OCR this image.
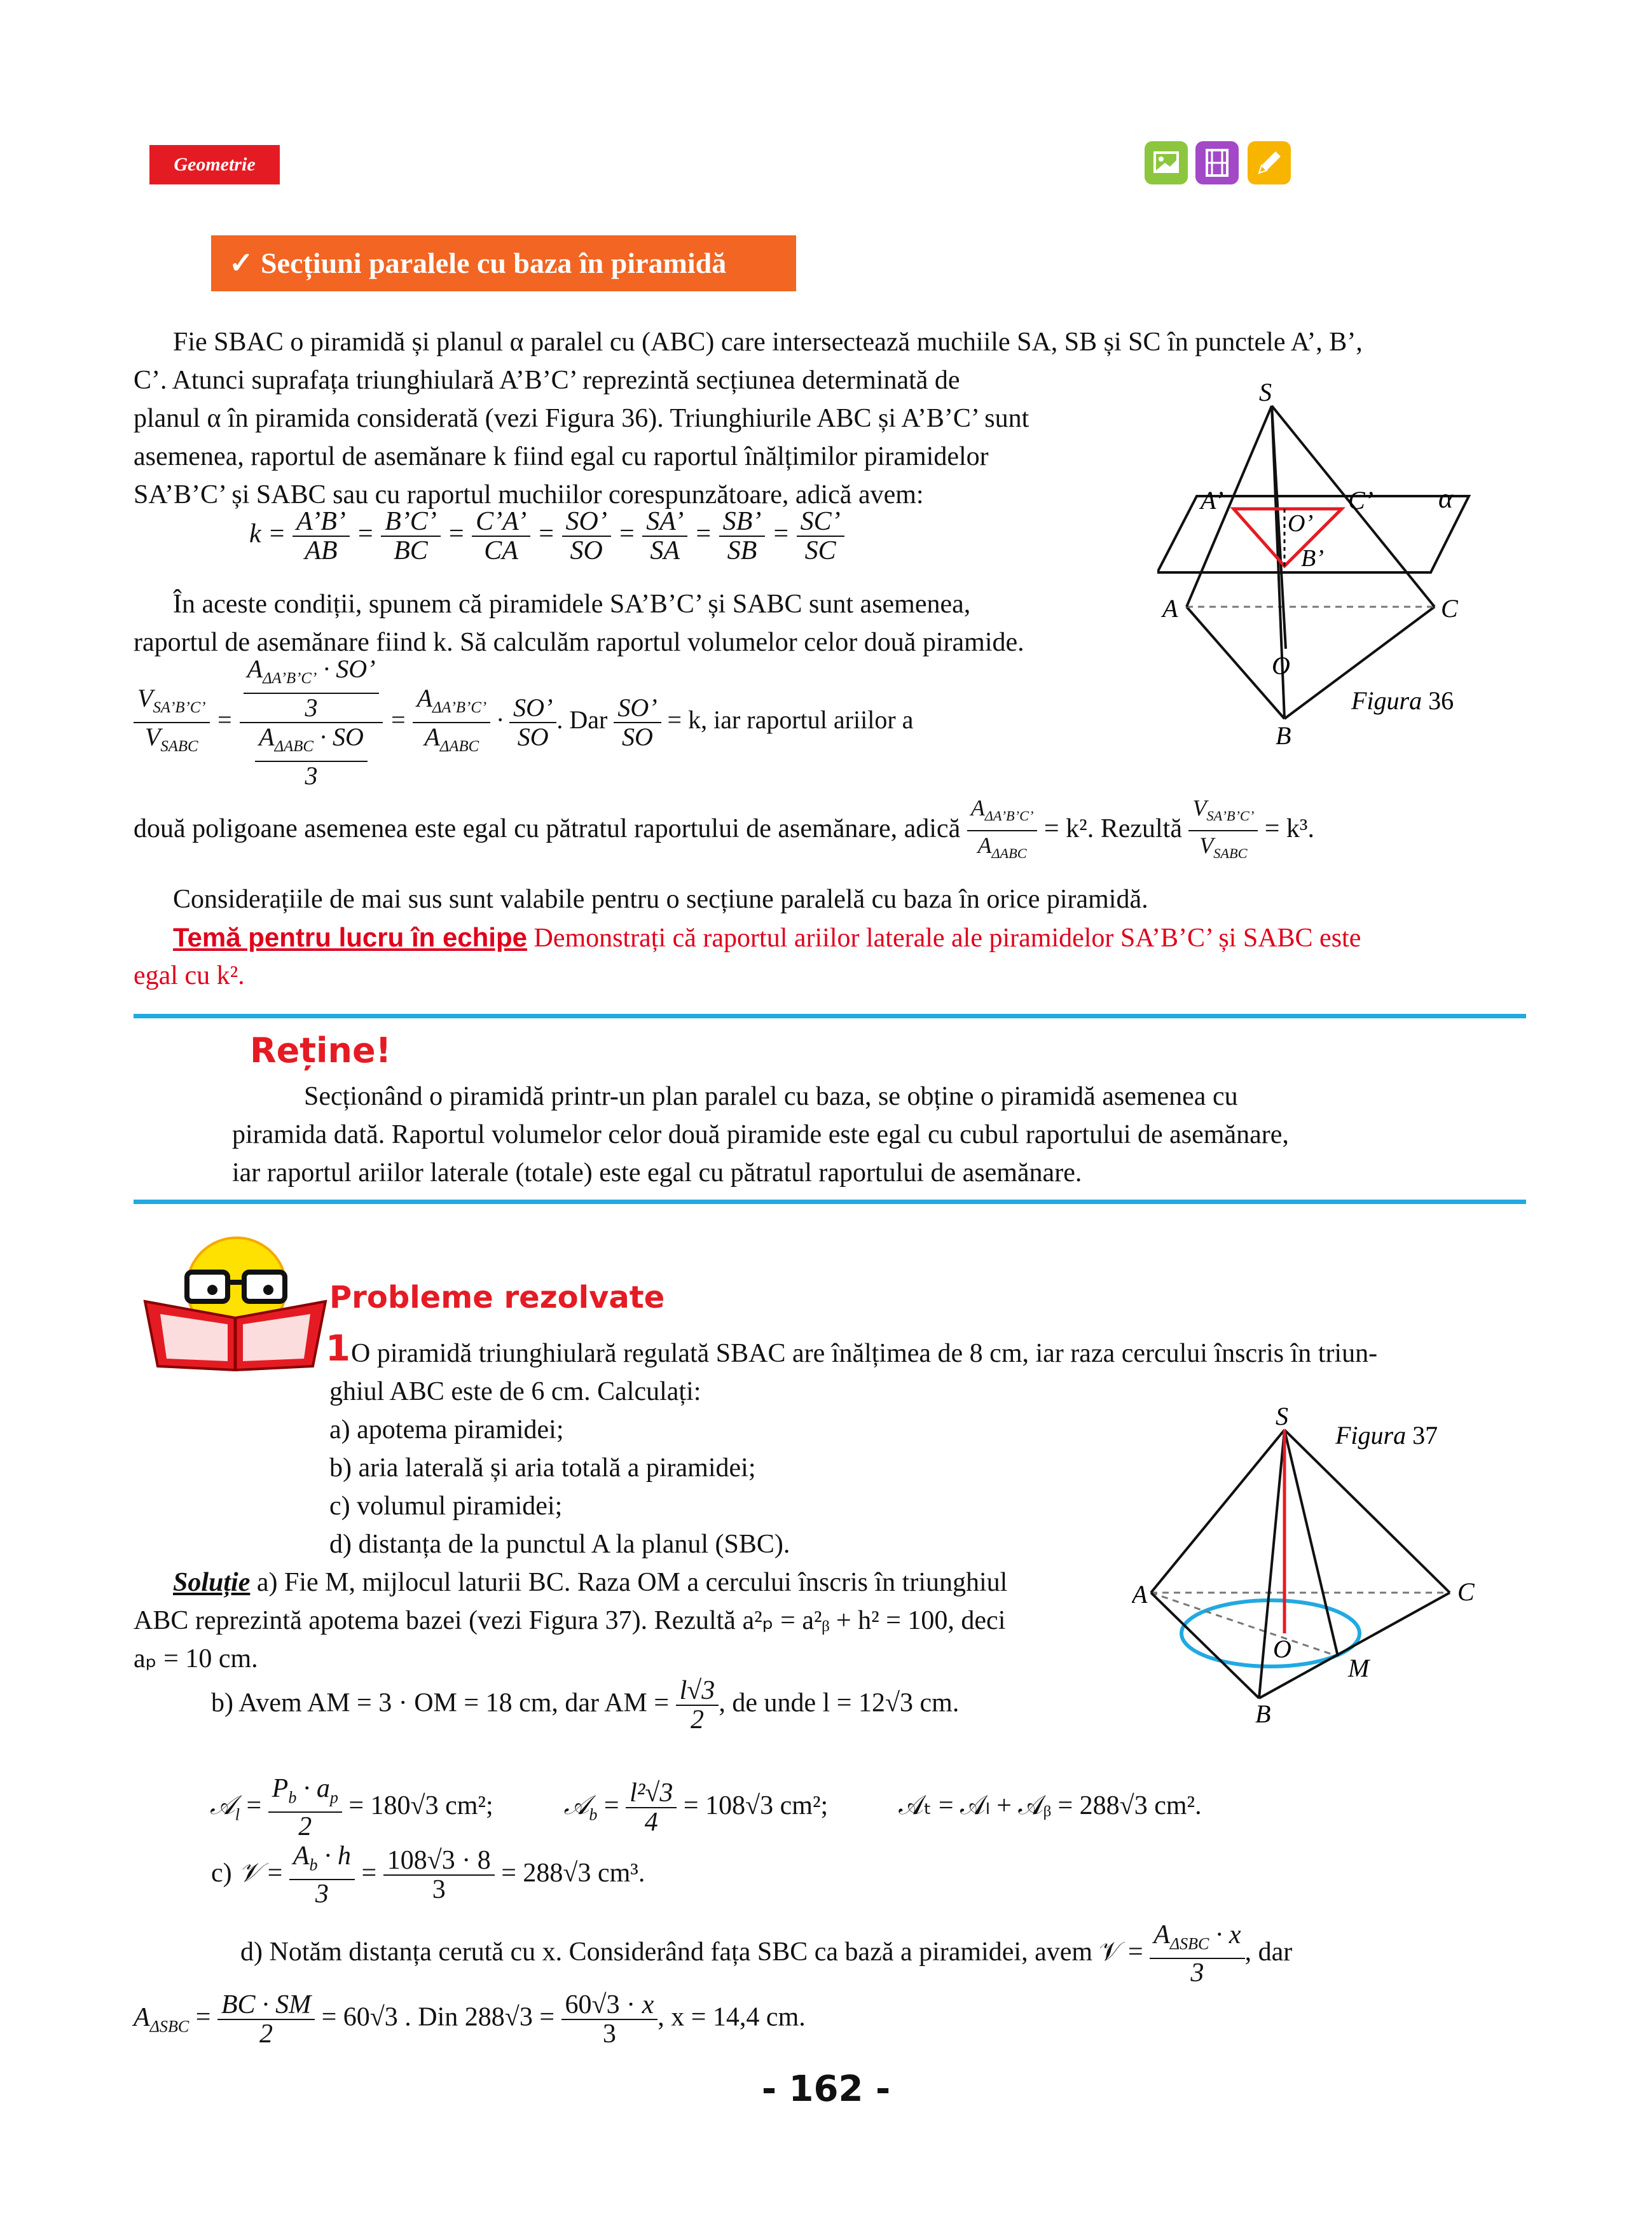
Geometrie
✓ Secțiuni paralele cu baza în piramidă
Fie SBAC o piramidă și planul α paralel cu (ABC) care intersectează muchiile SA, SB și SC în punctele A’, B’,
C’. Atunci suprafața triunghiulară A’B’C’ reprezintă secțiunea determinată de
planul α în piramida considerată (vezi Figura 36). Triunghiurile ABC și A’B’C’ sunt
asemenea, raportul de asemănare k fiind egal cu raportul înălțimilor piramidelor
SA’B’C’ și SABC sau cu raportul muchiilor corespunzătoare, adică avem:
$k = \frac{A’B’}{AB} = \frac{B’C’}{BC} = \frac{C’A’}{CA} = \frac{SO’}{SO} = \frac{SA’}{SA} = \frac{SB’}{SB} = \frac{SC’}{SC}$
În aceste condiții, spunem că piramidele SA’B’C’ și SABC sunt asemenea,
raportul de asemănare fiind k. Să calculăm raportul volumelor celor două piramide.
$\frac{V_{SA’B’C’}}{V_{SABC}} = \frac{\frac{A_{\Delta A’B’C’} \cdot SO’}{3}}{\frac{A_{\Delta ABC} \cdot SO}{3}} = \frac{A_{\Delta A’B’C’}}{A_{\Delta ABC}} \cdot \frac{SO’}{SO}$ . Dar $\frac{SO’}{SO} = k$, iar raportul ariilor a
două poligoane asemenea este egal cu pătratul raportului de asemănare, adică $\frac{A_{\Delta A’B’C’}}{A_{\Delta ABC}} = k^2$. Rezultă $\frac{V_{SA’B’C’}}{V_{SABC}} = k^3$.
Considerațiile de mai sus sunt valabile pentru o secțiune paralelă cu baza în orice piramidă.
Temă pentru lucru în echipe Demonstrați că raportul ariilor laterale ale piramidelor SA’B’C’ și SABC este
egal cu k².
S
A’	C’
O’
B’
α
A	C
O
B
Figura 36
Reține!
Secționând o piramidă printr-un plan paralel cu baza, se obține o piramidă asemenea cu
piramida dată. Raportul volumelor celor două piramide este egal cu cubul raportului de asemănare,
iar raportul ariilor laterale (totale) este egal cu pătratul raportului de asemănare.
Probleme rezolvate
1 O piramidă triunghiulară regulată SBAC are înălțimea de 8 cm, iar raza cercului înscris în triun-
ghiul ABC este de 6 cm. Calculați:
a) apotema piramidei;
b) aria laterală și aria totală a piramidei;
c) volumul piramidei;
d) distanța de la punctul A la planul (SBC).
Soluție a) Fie M, mijlocul laturii BC. Raza OM a cercului înscris în triunghiul
ABC reprezintă apotema bazei (vezi Figura 37). Rezultă a²ₚ = a²ᵦ + h² = 100, deci
aₚ = 10 cm.
b) Avem AM = 3 · OM = 18 cm, dar AM = $\frac{l√3}{2}$ , de unde l = 12√3 cm.
𝒜$_l$ = $\frac{P_b \cdot a_p}{2} = 180√3$ cm²;	𝒜$_b$ = $\frac{\text{l²√3}}{4} = 108√3$ cm²;	𝒜ₜ = 𝒜ₗ + 𝒜ᵦ = 288√3 cm².
c) 𝒱 = $\frac{A_b \cdot h}{3} = \frac{108√3 \cdot 8}{3} = 288√3$ cm³.
d) Notăm distanța cerută cu x. Considerând fața SBC ca bază a piramidei, avem 𝒱 = $\frac{A_{\Delta SBC} \cdot x}{3}$ , dar
$A_{\Delta SBC} = \frac{BC \cdot SM}{2} = 60√3$ . Din $288√3 = \frac{60√3 \cdot x}{3}$ , x = 14,4 cm.
S
A	C
O
M
B
Figura 37
- 162 -
